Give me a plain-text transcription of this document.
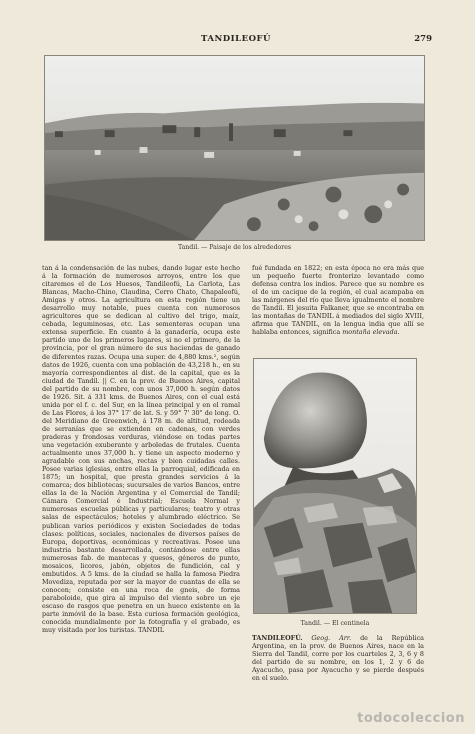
TANDILEOFÚ	279
Tandil. — Paisaje de los alrededores
tan á la condensación de las nubes, dando lugar este hecho á la formación de numerosos arroyos, entre los que citaremos el de Los Huesos, Tandileofú, La Carlota, Las Blancas, Macho-Chino, Claudina, Cerro Chato, Chapaleofú, Amigas y otros. La agricultura en esta región tiene un desarrollo muy notable, pues cuenta con numerosos agricultores que se dedican al cultivo del trigo, maíz, cebada, leguminosas, etc. Las sementeras ocupan una extensa superficie. En cuanto á la ganadería, ocupa este partido uno de los primeros lugares, si no el primero, de la provincia, por el gran número de sus haciendas de ganado de diferentes razas. Ocupa una super. de 4,880 kms.², según datos de 1926, cuenta con una población de 43,218 h., en su mayoría correspondientes al dist. de la capital, que es la ciudad de Tandil. || C. en la prov. de Buenos Aires, capital del partido de su nombre, con unos 37,000 h. según datos de 1926. Sit. á 331 kms. de Buenos Aires, con el cual está unida por el f. c. del Sur, en la línea principal y en el ramal de Las Flores, á los 37° 17' de lat. S. y 59° 7' 30" de long. O. del Meridiano de Greenwich, á 178 m. de altitud, rodeada de serranías que se extienden en cadenas, con verdes praderas y frondosas verduras, viéndose en todas partes una vegetación exuberante y arboledas de frutales. Cuenta actualmente unos 37,000 h. y tiene un aspecto moderno y agradable con sus anchas, rectas y bien cuidadas calles. Posee varias iglesias, entre ellas la parroquial, edificada en 1875; un hospital, que presta grandes servicios á la comarca; dos bibliotecas; sucursales de varios Bancos, entre ellas la de la Nación Argentina y el Comercial de Tandil; Cámara Comercial é Industrial; Escuela Normal y numerosas escuelas públicas y particulares; teatro y otras salas de espectáculos; hoteles y alumbrado eléctrico. Se publican varios periódicos y existen Sociedades de todas clases: políticas, sociales, nacionales de diversos países de Europa, deportivas, económicas y recreativas. Posee una industria bastante desarrollada, contándose entre ellas numerosas fab. de mantecas y quesos, géneros de punto, mosaicos, licores, jabón, objetos de fundición, cal y embutidos. A 5 kms. de la ciudad se halla la famosa Piedra Movediza, reputada por ser la mayor de cuantas de ella se conocen; consiste en una roca de gneis, de forma paraboloide, que gira al impulso del viento sobre un eje escaso de rasgos que penetra en un hueco existente en la parte inmóvil de la base. Esta curiosa formación geológica, conocida mundialmente por la fotografía y el grabado, es muy visitada por los turistas. TANDIL
fué fundada en 1822; en esta época no era más que un pequeño fuerte fronterizo levantado como defensa contra los indios. Parece que su nombre es el de un cacique de la región, el cual acampaba en las márgenes del río que lleva igualmente el nombre de Tandil. El jesuita Falkaner, que se encontraba en las montañas de TANDIL á mediados del siglo XVIII, afirma que TANDIL, en la lengua india que allí se hablaba entonces, significa montaña elevada.
Tandil. — El centinela
TANDILEOFÚ. Geog. Arr. de la República Argentina, en la prov. de Buenos Aires, nace en la Sierra del Tandil, corre por los cuarteles 2, 3, 6 y 8 del partido de su nombre, en los 1, 2 y 6 de Ayacucho, pasa por Ayacucho y se pierde después en el suelo.
todocoleccion
